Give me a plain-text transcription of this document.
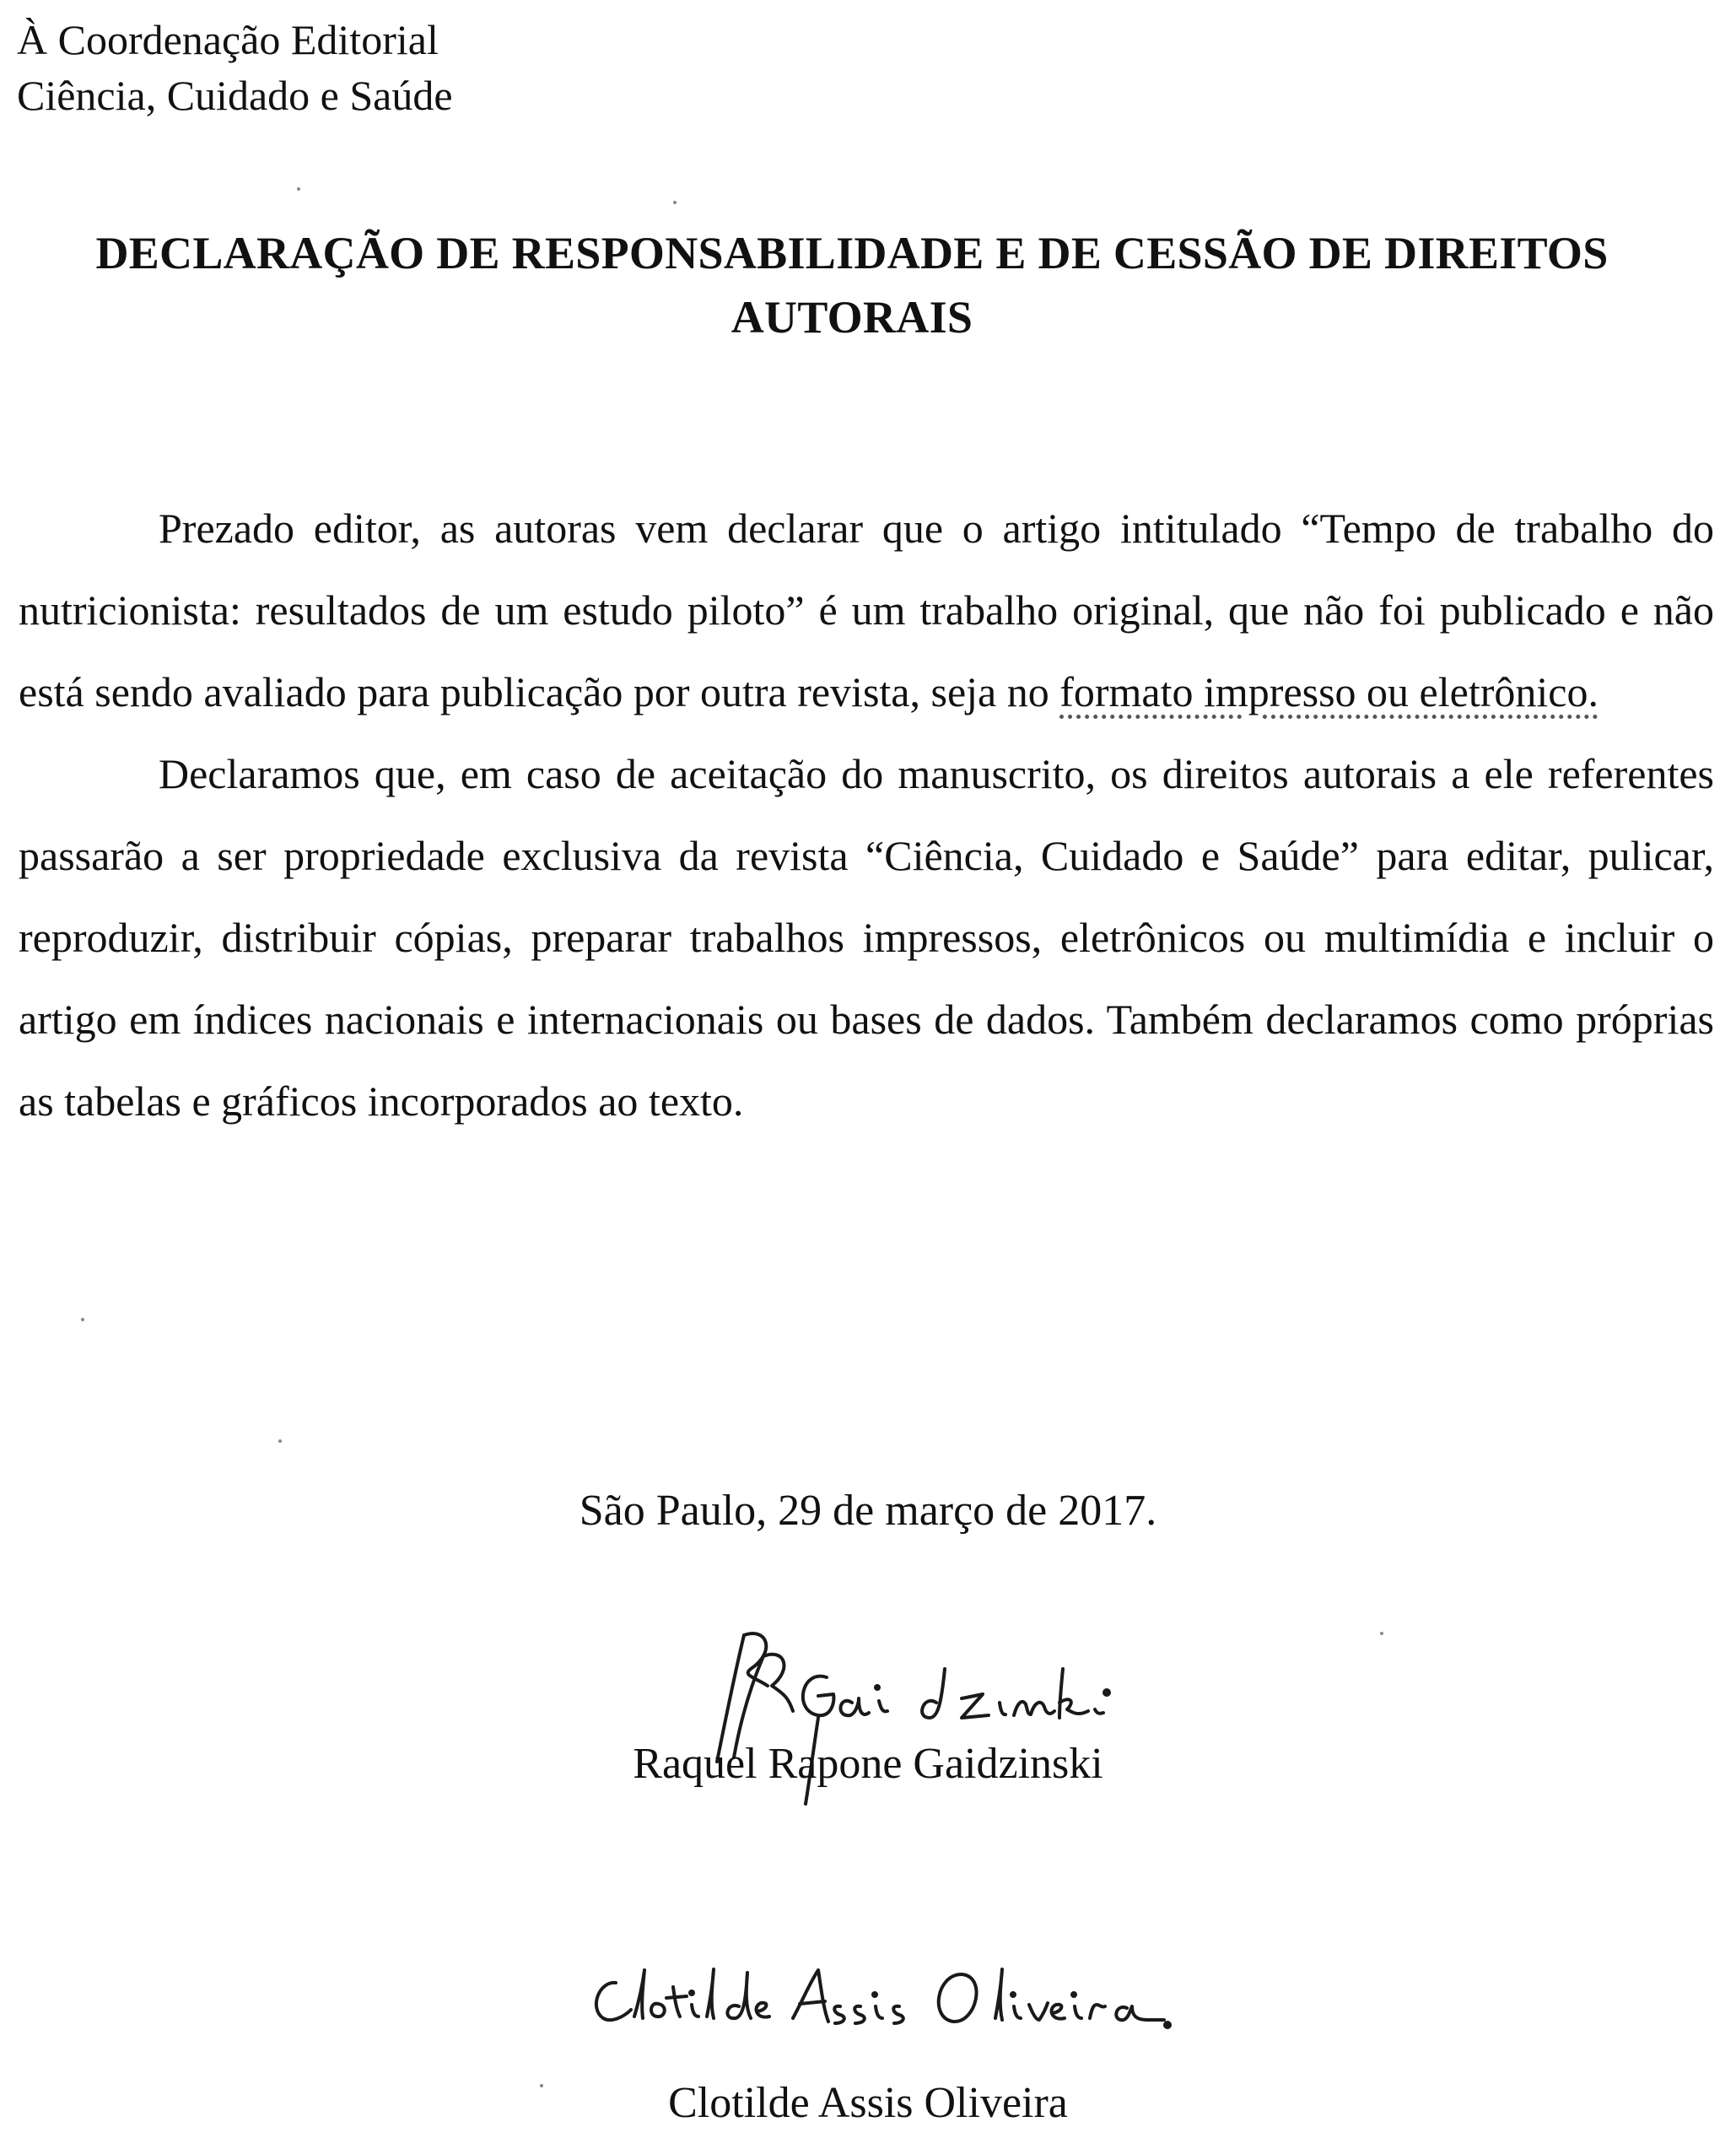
À Coordenação Editorial
Ciência, Cuidado e Saúde
DECLARAÇÃO DE RESPONSABILIDADE E DE CESSÃO DE DIREITOS
AUTORAIS

Prezado editor, as autoras vem declarar que o artigo intitulado “Tempo de trabalho do nutricionista: resultados de um estudo piloto” é um trabalho original, que não foi publicado e não está sendo avaliado para publicação por outra revista, seja no formato impresso ou eletrônico.

Declaramos que, em caso de aceitação do manuscrito, os direitos autorais a ele referentes passarão a ser propriedade exclusiva da revista “Ciência, Cuidado e Saúde” para editar, pulicar, reproduzir, distribuir cópias, preparar trabalhos impressos, eletrônicos ou multimídia e incluir o artigo em índices nacionais e internacionais ou bases de dados. Também declaramos como próprias as tabelas e gráficos incorporados ao texto.

São Paulo, 29 de março de 2017.
Raquel Rapone Gaidzinski
Clotilde Assis Oliveira
